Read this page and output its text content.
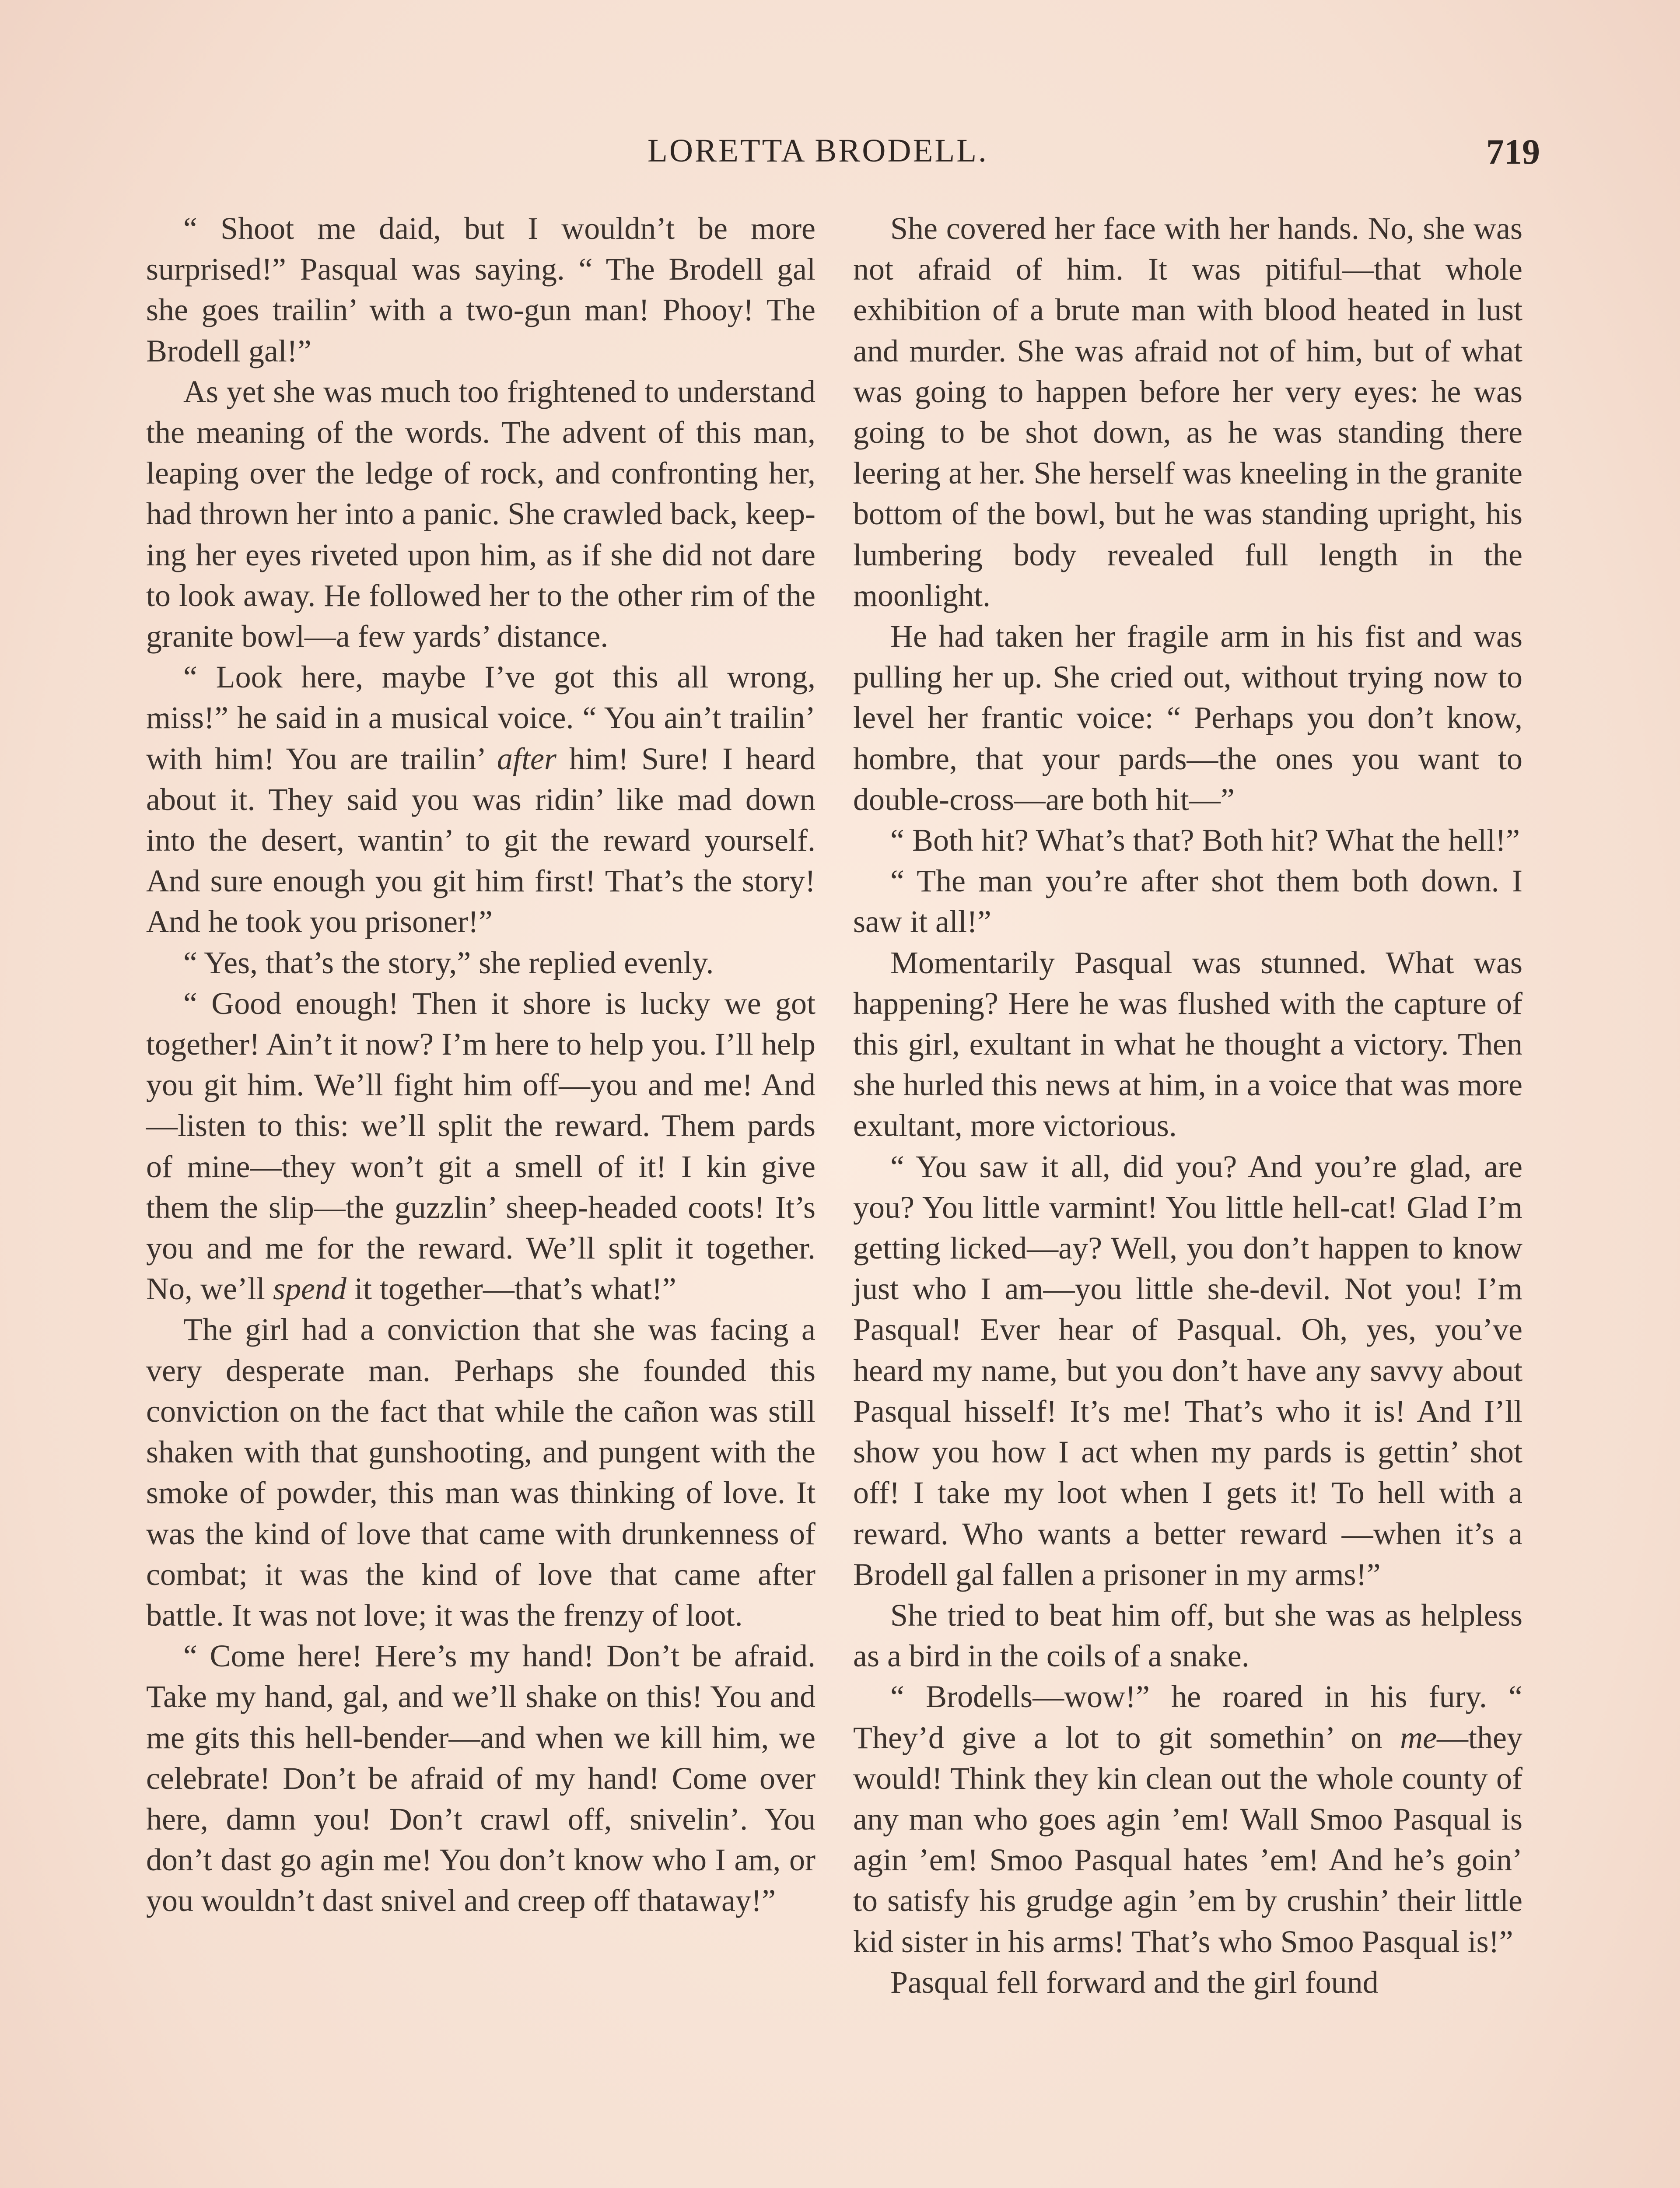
LORETTA BRODELL.	719

“ Shoot me daid, but I wouldn’t be more surprised!” Pasqual was saying. “ The Brodell gal she goes trailin’ with a two-gun man! Phooy! The Brodell gal!”

As yet she was much too frightened to understand the meaning of the words. The advent of this man, leaping over the ledge of rock, and confronting her, had thrown her into a panic. She crawled back, keeping her eyes riveted upon him, as if she did not dare to look away. He followed her to the other rim of the granite bowl—a few yards’ distance.

“ Look here, maybe I’ve got this all wrong, miss!” he said in a musical voice. “ You ain’t trailin’ with him! You are trailin’ after him! Sure! I heard about it. They said you was ridin’ like mad down into the desert, wantin’ to git the reward yourself. And sure enough you git him first! That’s the story! And he took you prisoner!”

“ Yes, that’s the story,” she replied evenly.

“ Good enough! Then it shore is lucky we got together! Ain’t it now? I’m here to help you. I’ll help you git him. We’ll fight him off—you and me! And—listen to this: we’ll split the reward. Them pards of mine—they won’t git a smell of it! I kin give them the slip—the guzzlin’ sheep-headed coots! It’s you and me for the reward. We’ll split it together. No, we’ll spend it together—that’s what!”

The girl had a conviction that she was facing a very desperate man. Perhaps she founded this conviction on the fact that while the cañon was still shaken with that gunshooting, and pungent with the smoke of powder, this man was thinking of love. It was the kind of love that came with drunkenness of combat; it was the kind of love that came after battle. It was not love; it was the frenzy of loot.

“ Come here! Here’s my hand! Don’t be afraid. Take my hand, gal, and we’ll shake on this! You and me gits this hell-bender—and when we kill him, we celebrate! Don’t be afraid of my hand! Come over here, damn you! Don’t crawl off, snivelin’. You don’t dast go agin me! You don’t know who I am, or you wouldn’t dast snivel and creep off thataway!”

She covered her face with her hands. No, she was not afraid of him. It was pitiful—that whole exhibition of a brute man with blood heated in lust and murder. She was afraid not of him, but of what was going to happen before her very eyes: he was going to be shot down, as he was standing there leering at her. She herself was kneeling in the granite bottom of the bowl, but he was standing upright, his lumbering body revealed full length in the moonlight.

He had taken her fragile arm in his fist and was pulling her up. She cried out, without trying now to level her frantic voice: “ Perhaps you don’t know, hombre, that your pards—the ones you want to double-cross—are both hit—”

“ Both hit? What’s that? Both hit? What the hell!”

“ The man you’re after shot them both down. I saw it all!”

Momentarily Pasqual was stunned. What was happening? Here he was flushed with the capture of this girl, exultant in what he thought a victory. Then she hurled this news at him, in a voice that was more exultant, more victorious.

“ You saw it all, did you? And you’re glad, are you? You little varmint! You little hell-cat! Glad I’m getting licked—ay? Well, you don’t happen to know just who I am—you little she-devil. Not you! I’m Pasqual! Ever hear of Pasqual. Oh, yes, you’ve heard my name, but you don’t have any savvy about Pasqual hisself! It’s me! That’s who it is! And I’ll show you how I act when my pards is gettin’ shot off! I take my loot when I gets it! To hell with a reward. Who wants a better reward —when it’s a Brodell gal fallen a prisoner in my arms!”

She tried to beat him off, but she was as helpless as a bird in the coils of a snake.

“ Brodells—wow!” he roared in his fury. “ They’d give a lot to git somethin’ on me—they would! Think they kin clean out the whole county of any man who goes agin ’em! Wall Smoo Pasqual is agin ’em! Smoo Pasqual hates ’em! And he’s goin’ to satisfy his grudge agin ’em by crushin’ their little kid sister in his arms! That’s who Smoo Pasqual is!”

Pasqual fell forward and the girl found
